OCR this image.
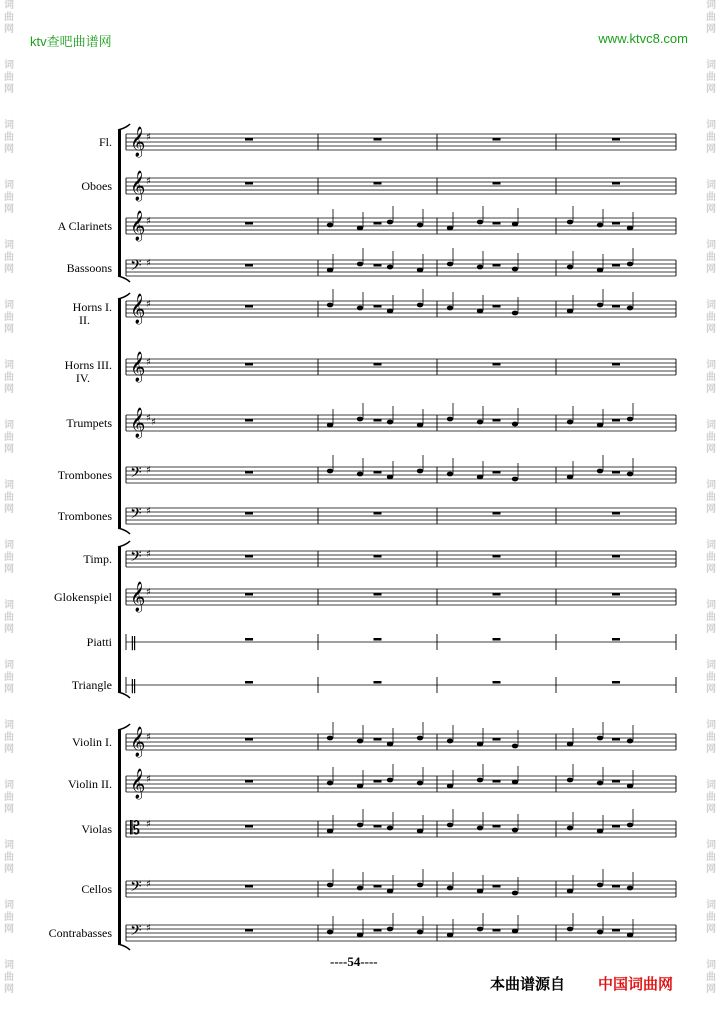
ktv查吧曲谱网	www.ktvc8.com
词
曲
网
词
曲
网
词
曲
网
词
曲
网
词
曲
网
词
曲
网
词
曲
网
词
曲
网
词
曲
网
词
曲
网
词
曲
网
词
曲
网
词
曲
网
词
曲
网
词
曲
网
词
曲
网
词
曲
网
词
曲
网
词
曲
网
词
曲
网
词
曲
网
词
曲
网
词
曲
网
词
曲
网
词
曲
网
词
曲
网
词
曲
网
词
曲
网
词
曲
网
词
曲
网
词
曲
网
词
曲
网
词
曲
网
词
曲
网
Fl.
Oboes
A Clarinets
Bassoons
Horns I.
II.
Horns III.
IV.
Trumpets
Trombones
Trombones
Timp.
Glokenspiel
Piatti
Triangle
Violin I.
Violin II.
Violas
Cellos
Contrabasses
𝄞 ♯
𝄞 ♯
𝄞 ♯
𝄢 ♯
𝄞 ♯
𝄞 ♯
𝄞 ♯ ♯
𝄢 ♯
𝄢 ♯
𝄢 ♯
𝄞 ♯
‖
‖
𝄞 ♯
𝄞 ♯
𝄡 ♯
𝄢 ♯
𝄢 ♯
----54----
本曲谱源自 中国词曲网
